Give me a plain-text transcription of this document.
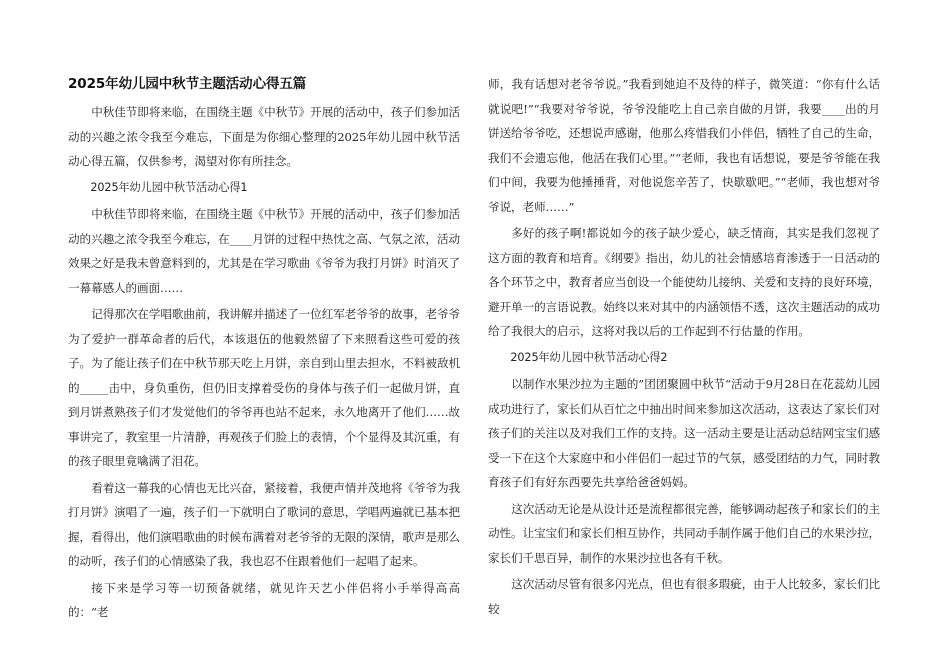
2025年幼儿园中秋节主题活动心得五篇

中秋佳节即将来临，在围绕主题《中秋节》开展的活动中，孩子们参加活动的兴趣之浓令我至今难忘，下面是为你细心整理的2025年幼儿园中秋节活动心得五篇，仅供参考，渴望对你有所挂念。

2025年幼儿园中秋节活动心得1

中秋佳节即将来临，在围绕主题《中秋节》开展的活动中，孩子们参加活动的兴趣之浓令我至今难忘，在____月饼的过程中热忱之高、气氛之浓，活动效果之好是我未曾意料到的，尤其是在学习歌曲《爷爷为我打月饼》时消灭了一幕幕感人的画面……

记得那次在学唱歌曲前，我讲解并描述了一位红军老爷爷的故事，老爷爷为了爱护一群革命者的后代，本该退伍的他毅然留了下来照看这些可爱的孩子。为了能让孩子们在中秋节那天吃上月饼，亲自到山里去担水，不料被敌机的_____击中，身负重伤，但仍旧支撑着受伤的身体与孩子们一起做月饼，直到月饼煮熟孩子们才发觉他们的爷爷再也站不起来，永久地离开了他们……故事讲完了，教室里一片清静，再观孩子们脸上的表情，个个显得及其沉重，有的孩子眼里竟噙满了泪花。

看着这一幕我的心情也无比兴奋，紧接着，我便声情并茂地将《爷爷为我打月饼》演唱了一遍，孩子们一下就明白了歌词的意思，学唱两遍就已基本把握，看得出，他们演唱歌曲的时候布满着对老爷爷的无限的深情，歌声是那么的动听，孩子们的心情感染了我，我也忍不住跟着他们一起唱了起来。

接下来是学习等一切预备就绪，就见许天艺小伴侣将小手举得高高的：“老

师，我有话想对老爷爷说。”我看到她迫不及待的样子，微笑道：“你有什么话就说吧!”“我要对爷爷说，爷爷没能吃上自己亲自做的月饼，我要____出的月饼送给爷爷吃，还想说声感谢，他那么疼惜我们小伴侣，牺牲了自己的生命，我们不会遗忘他，他活在我们心里。”“老师，我也有话想说，要是爷爷能在我们中间，我要为他捶捶背，对他说您辛苦了，快歇歇吧。”“老师，我也想对爷爷说，老师……”

多好的孩子啊!都说如今的孩子缺少爱心，缺乏情商，其实是我们忽视了这方面的教育和培育。《纲要》指出，幼儿的社会情感培育渗透于一日活动的各个环节之中，教育者应当创设一个能使幼儿接纳、关爱和支持的良好环境，避开单一的言语说教。始终以来对其中的内涵领悟不透，这次主题活动的成功给了我很大的启示，这将对我以后的工作起到不行估量的作用。

2025年幼儿园中秋节活动心得2

以制作水果沙拉为主题的”团团聚圆中秋节“活动于9月28日在花蕊幼儿园成功进行了，家长们从百忙之中抽出时间来参加这次活动，这表达了家长们对孩子们的关注以及对我们工作的支持。这一活动主要是让活动总结网宝宝们感受一下在这个大家庭中和小伴侣们一起过节的气氛，感受团结的力气，同时教育孩子们有好东西要先共享给爸爸妈妈。

这次活动无论是从设计还是流程都很完善，能够调动起孩子和家长们的主动性。让宝宝们和家长们相互协作，共同动手制作属于他们自己的水果沙拉，家长们千思百异，制作的水果沙拉也各有千秋。

这次活动尽管有很多闪光点，但也有很多瑕疵，由于人比较多，家长们比较
